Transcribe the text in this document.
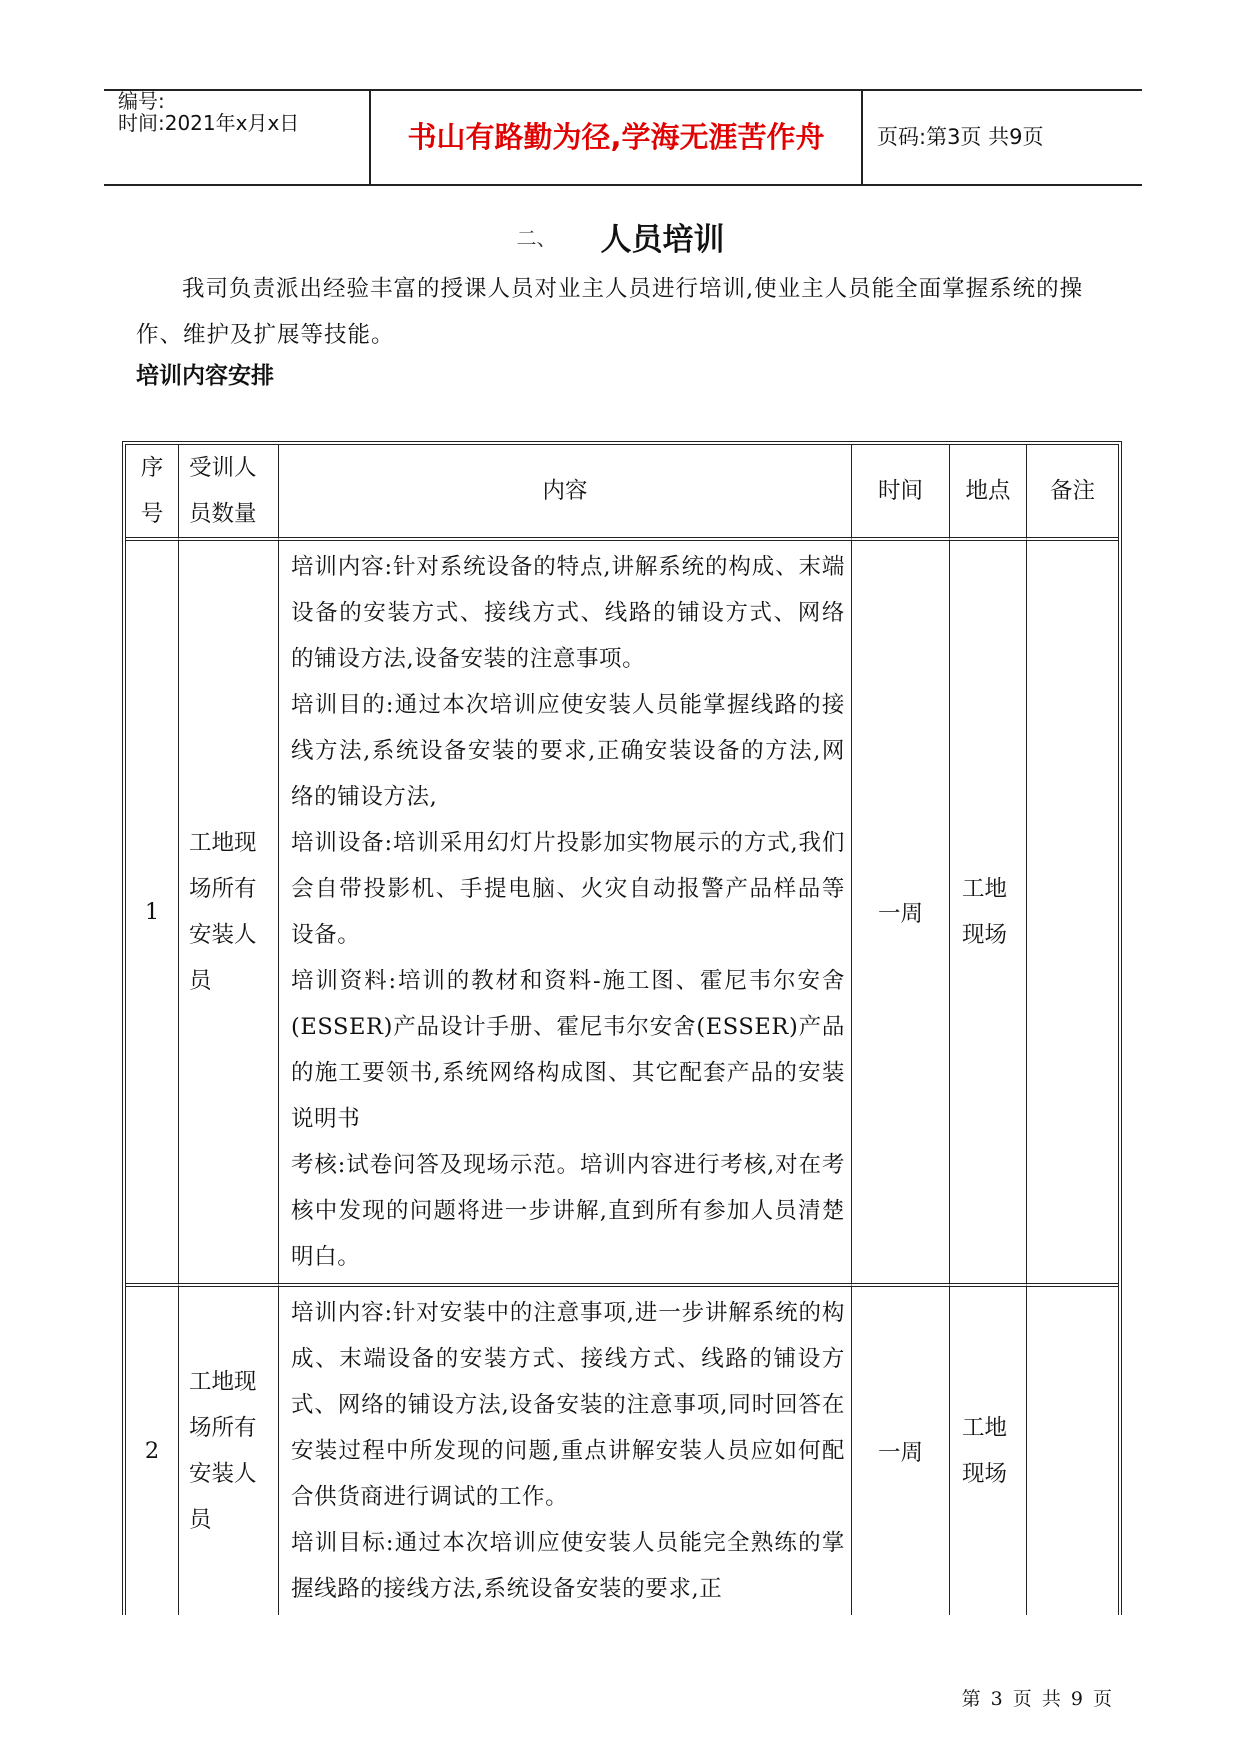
编号:
时间:2021年x月x日	书山有路勤为径,学海无涯苦作舟	页码:第3页 共9页
二、 人员培训

我司负责派出经验丰富的授课人员对业主人员进行培训,使业主人员能全面掌握系统的操作、维护及扩展等技能。

培训内容安排
序号	受训人员数量	内容	时间	地点	备注
1	工地现场所有安装人员	培训内容:针对系统设备的特点,讲解系统的构成、末端设备的安装方式、接线方式、线路的铺设方式、网络的铺设方法,设备安装的注意事项。
培训目的:通过本次培训应使安装人员能掌握线路的接线方法,系统设备安装的要求,正确安装设备的方法,网络的铺设方法,
培训设备:培训采用幻灯片投影加实物展示的方式,我们会自带投影机、手提电脑、火灾自动报警产品样品等设备。
培训资料:培训的教材和资料-施工图、霍尼韦尔安舍(ESSER)产品设计手册、霍尼韦尔安舍(ESSER)产品的施工要领书,系统网络构成图、其它配套产品的安装说明书
考核:试卷问答及现场示范。培训内容进行考核,对在考核中发现的问题将进一步讲解,直到所有参加人员清楚明白。	一周	工地现场	
2	工地现场所有安装人员	培训内容:针对安装中的注意事项,进一步讲解系统的构成、末端设备的安装方式、接线方式、线路的铺设方式、网络的铺设方法,设备安装的注意事项,同时回答在安装过程中所发现的问题,重点讲解安装人员应如何配合供货商进行调试的工作。
培训目标:通过本次培训应使安装人员能完全熟练的掌握线路的接线方法,系统设备安装的要求,正	一周	工地现场	
第 3 页 共 9 页
